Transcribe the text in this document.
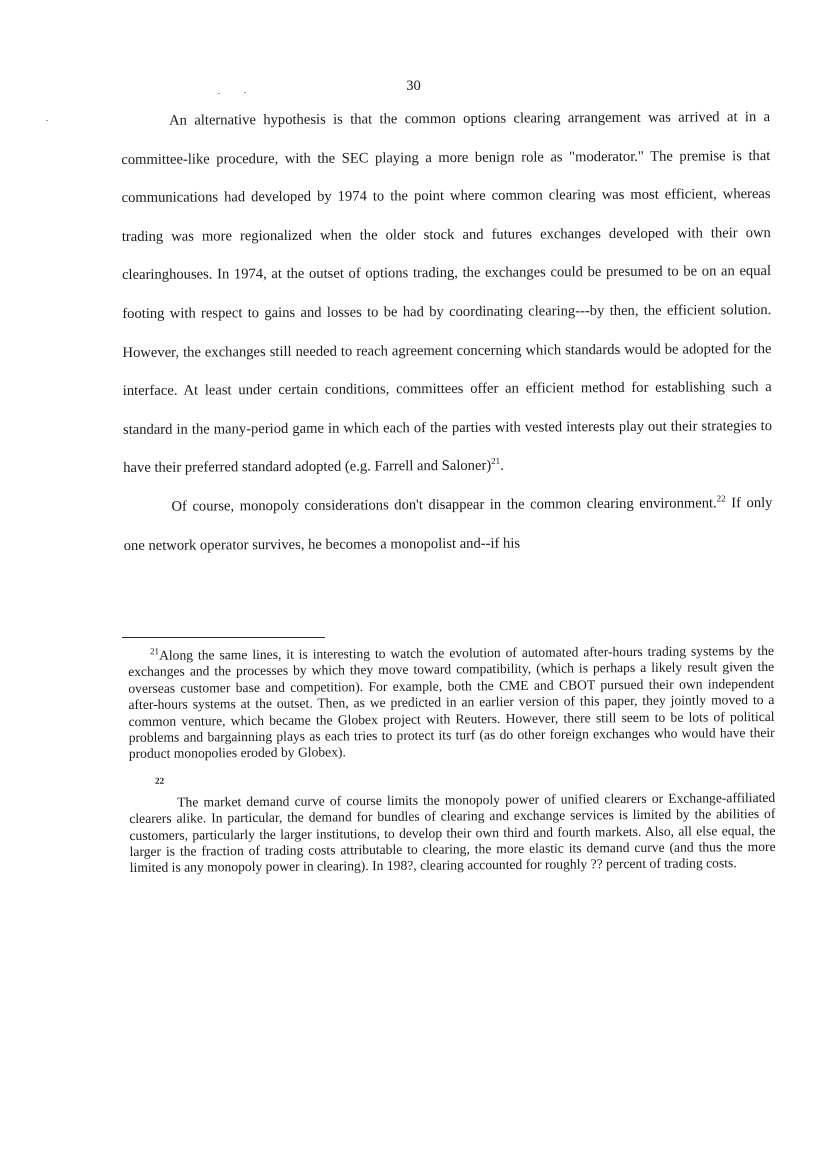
30

An alternative hypothesis is that the common options clearing arrangement was arrived at in a committee-like procedure, with the SEC playing a more benign role as "moderator." The premise is that communications had developed by 1974 to the point where common clearing was most efficient, whereas trading was more regionalized when the older stock and futures exchanges developed with their own clearinghouses. In 1974, at the outset of options trading, the exchanges could be presumed to be on an equal footing with respect to gains and losses to be had by coordinating clearing---by then, the efficient solution. However, the exchanges still needed to reach agreement concerning which standards would be adopted for the interface. At least under certain conditions, committees offer an efficient method for establishing such a standard in the many-period game in which each of the parties with vested interests play out their strategies to have their preferred standard adopted (e.g. Farrell and Saloner)$^{21}$.

Of course, monopoly considerations don't disappear in the common clearing environment.$^{22}$ If only one network operator survives, he becomes a monopolist and--if his

$^{21}$Along the same lines, it is interesting to watch the evolution of automated after-hours trading systems by the exchanges and the processes by which they move toward compatibility, (which is perhaps a likely result given the overseas customer base and competition). For example, both the CME and CBOT pursued their own independent after-hours systems at the outset. Then, as we predicted in an earlier version of this paper, they jointly moved to a common venture, which became the Globex project with Reuters. However, there still seem to be lots of political problems and bargainning plays as each tries to protect its turf (as do other foreign exchanges who would have their product monopolies eroded by Globex).

22

The market demand curve of course limits the monopoly power of unified clearers or Exchange-affiliated clearers alike. In particular, the demand for bundles of clearing and exchange services is limited by the abilities of customers, particularly the larger institutions, to develop their own third and fourth markets. Also, all else equal, the larger is the fraction of trading costs attributable to clearing, the more elastic its demand curve (and thus the more limited is any monopoly power in clearing). In 198?, clearing accounted for roughly ?? percent of trading costs.
